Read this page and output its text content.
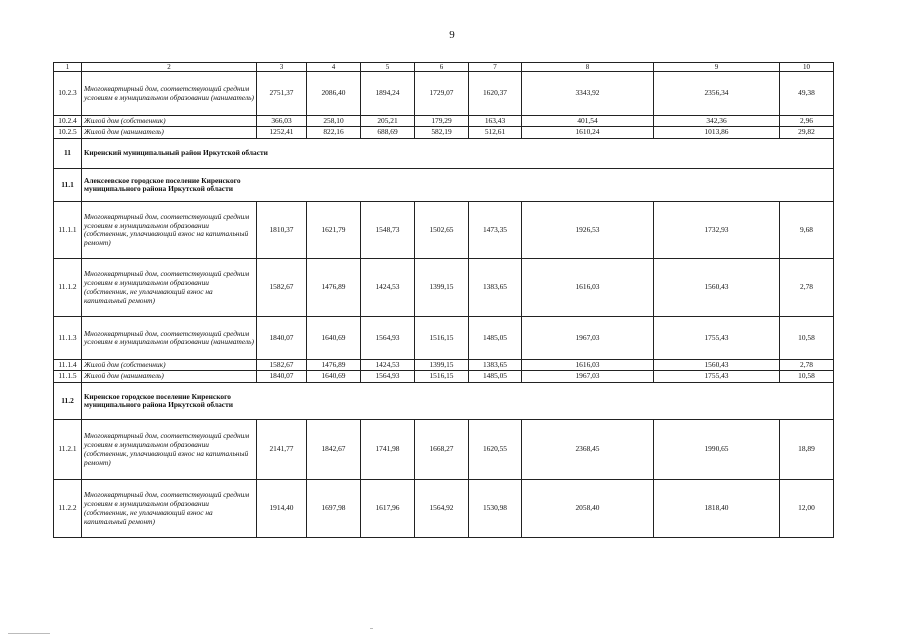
9
1	2	3	4	5	6	7	8	9	10
10.2.3	Многоквартирный дом, соответствующий средним условиям в муниципальном образовании (наниматель)	2751,37	2086,40	1894,24	1729,07	1620,37	3343,92	2356,34	49,38
10.2.4	Жилой дом (собственник)	366,03	258,10	205,21	179,29	163,43	401,54	342,36	2,96
10.2.5	Жилой дом (наниматель)	1252,41	822,16	688,69	582,19	512,61	1610,24	1013,86	29,82
11	Киренский муниципальный район Иркутской области								
11.1	Алексеевское городское поселение Киренского муниципального района Иркутской области								
11.1.1	Многоквартирный дом, соответствующий средним условиям в муниципальном образовании (собственник, уплачивающий взнос на капитальный ремонт)	1810,37	1621,79	1548,73	1502,65	1473,35	1926,53	1732,93	9,68
11.1.2	Многоквартирный дом, соответствующий средним условиям в муниципальном образовании (собственник, не уплачивающий взнос на капитальный ремонт)	1582,67	1476,89	1424,53	1399,15	1383,65	1616,03	1560,43	2,78
11.1.3	Многоквартирный дом, соответствующий средним условиям в муниципальном образовании (наниматель)	1840,07	1640,69	1564,93	1516,15	1485,05	1967,03	1755,43	10,58
11.1.4	Жилой дом (собственник)	1582,67	1476,89	1424,53	1399,15	1383,65	1616,03	1560,43	2,78
11.1.5	Жилой дом (наниматель)	1840,07	1640,69	1564,93	1516,15	1485,05	1967,03	1755,43	10,58
11.2	Киренское городское поселение Киренского муниципального района Иркутской области								
11.2.1	Многоквартирный дом, соответствующий средним условиям в муниципальном образовании (собственник, уплачивающий взнос на капитальный ремонт)	2141,77	1842,67	1741,98	1668,27	1620,55	2368,45	1990,65	18,89
11.2.2	Многоквартирный дом, соответствующий средним условиям в муниципальном образовании (собственник, не уплачивающий взнос на капитальный ремонт)	1914,40	1697,98	1617,96	1564,92	1530,98	2058,40	1818,40	12,00
